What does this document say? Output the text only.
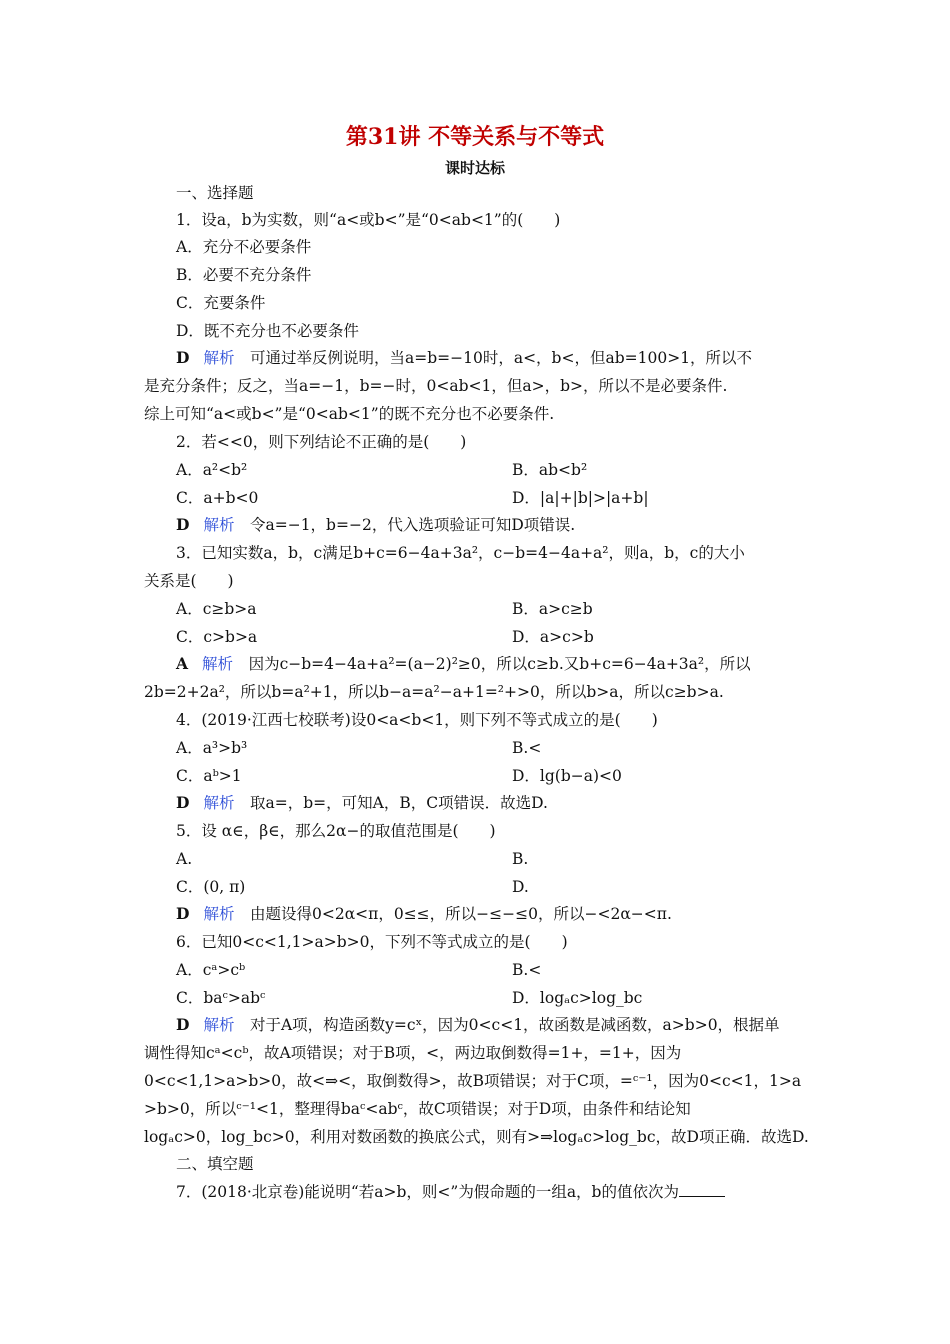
第31讲 不等关系与不等式
课时达标
一、选择题
1．设a，b为实数，则“a<或b<”是“0<ab<1”的(　　)
A．充分不必要条件
B．必要不充分条件
C．充要条件
D．既不充分也不必要条件
D 解析　 可通过举反例说明，当a=b=−10时，a<，b<，但ab=100>1，所以不
是充分条件；反之，当a=−1，b=−时，0<ab<1，但a>，b>，所以不是必要条件.
综上可知“a<或b<”是“0<ab<1”的既不充分也不必要条件.
2．若<<0，则下列结论不正确的是(　　)
A．a²<b²	B．ab<b²
C．a+b<0	D．|a|+|b|>|a+b|
D 解析　 令a=−1，b=−2，代入选项验证可知D项错误.
3．已知实数a，b，c满足b+c=6−4a+3a²，c−b=4−4a+a²，则a，b，c的大小
关系是(　　)
A．c≥b>a	B．a>c≥b
C．c>b>a	D．a>c>b
A 解析　 因为c−b=4−4a+a²=(a−2)²≥0，所以c≥b.又b+c=6−4a+3a²，所以
2b=2+2a²，所以b=a²+1，所以b−a=a²−a+1=²+>0，所以b>a，所以c≥b>a.
4．(2019·江西七校联考)设0<a<b<1，则下列不等式成立的是(　　)
A．a³>b³	B.<
C．aᵇ>1	D．lg(b−a)<0
D 解析　 取a=，b=，可知A，B，C项错误．故选D.
5．设 α∈，β∈，那么2α−的取值范围是(　　)
A.	B.
C．(0, π)	D.
D 解析　 由题设得0<2α<π，0≤≤，所以−≤−≤0，所以−<2α−<π.
6．已知0<c<1,1>a>b>0，下列不等式成立的是(　　)
A．cᵃ>cᵇ	B.<
C．baᶜ>abᶜ	D．logₐc>log_bc
D 解析　 对于A项，构造函数y=cˣ，因为0<c<1，故函数是减函数，a>b>0，根据单
调性得知cᵃ<cᵇ，故A项错误；对于B项，<，两边取倒数得=1+，=1+，因为
0<c<1,1>a>b>0，故<⇒<，取倒数得>，故B项错误；对于C项，=ᶜ⁻¹，因为0<c<1，1>a
>b>0，所以ᶜ⁻¹<1，整理得baᶜ<abᶜ，故C项错误；对于D项，由条件和结论知
logₐc>0，log_bc>0，利用对数函数的换底公式，则有>⇒logₐc>log_bc，故D项正确．故选D.
二、填空题
7．(2018·北京卷)能说明“若a>b，则<”为假命题的一组a，b的值依次为
